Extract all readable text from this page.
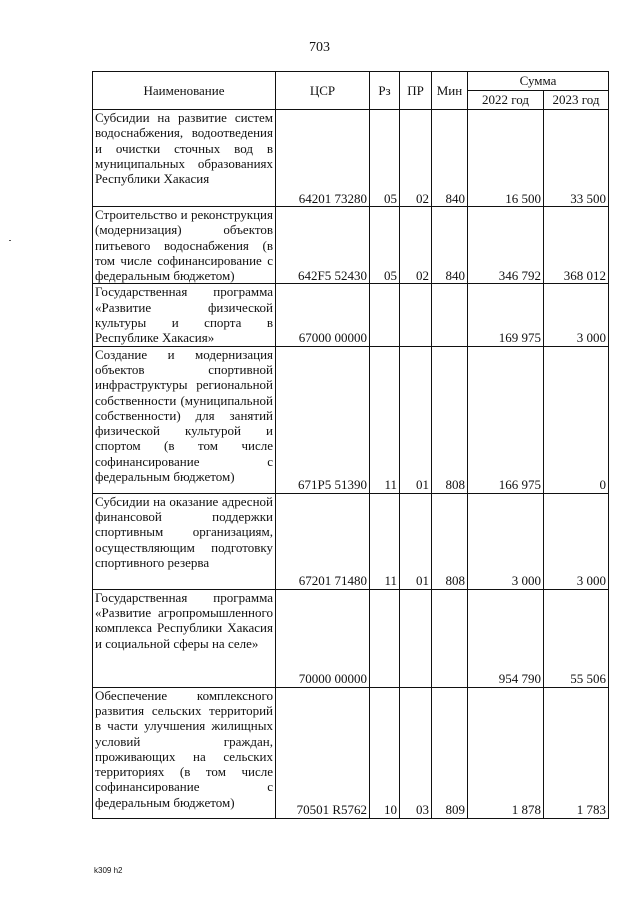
703
Наименование	ЦСР	Рз	ПР	Мин	Сумма	
					2022 год	2023 год
Субсидии на развитие систем водоснабжения, водоотведения и очистки сточных вод в муниципальных образованиях Республики Хакасия	64201 73280	05	02	840	16 500	33 500
Строительство и реконструкция (модернизация) объектов питьевого водоснабжения (в том числе софинансирование с федеральным бюджетом)	642F5 52430	05	02	840	346 792	368 012
Государственная программа «Развитие физической культуры и спорта в Республике Хакасия»	67000 00000				169 975	3 000
Создание и модернизация объектов спортивной инфраструктуры региональной собственности (муниципальной собственности) для занятий физической культурой и спортом (в том числе софинансирование с федеральным бюджетом)	671P5 51390	11	01	808	166 975	0
Субсидии на оказание адресной финансовой поддержки спортивным организациям, осуществляющим подготовку спортивного резерва	67201 71480	11	01	808	3 000	3 000
Государственная программа «Развитие агропромышленного комплекса Республики Хакасия и социальной сферы на селе»	70000 00000				954 790	55 506
Обеспечение комплексного развития сельских территорий в части улучшения жилищных условий граждан, проживающих на сельских территориях (в том числе софинансирование с федеральным бюджетом)	70501 R5762	10	03	809	1 878	1 783
k309 h2
